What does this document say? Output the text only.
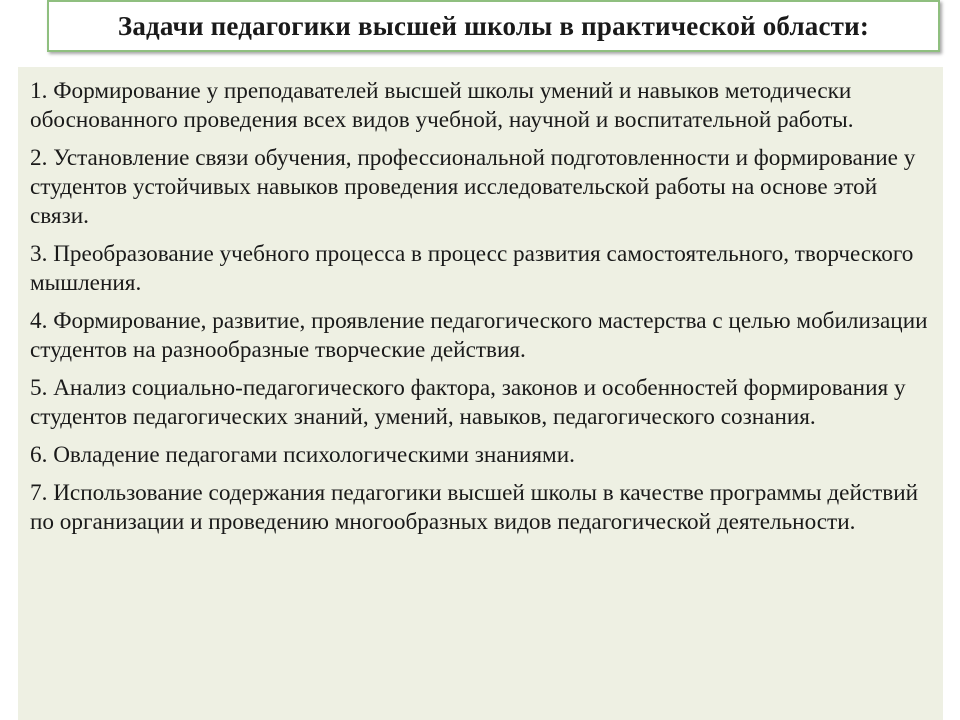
Задачи педагогики высшей школы в практической области:

1. Формирование у преподавателей высшей школы умений и навыков методически обоснованного проведения всех видов учебной, научной и воспитательной работы.

2. Установление связи обучения, профессиональной подготовленности и формирование у студентов устойчивых навыков проведения исследовательской работы на основе этой связи.

3. Преобразование учебного процесса в процесс развития самостоятельного, творческого мышления.

4. Формирование, развитие, проявление педагогического мастерства с целью мобилизации студентов на разнообразные творческие действия.

5. Анализ социально-педагогического фактора, законов и особенностей формирования у студентов педагогических знаний, умений, навыков, педагогического сознания.

6. Овладение педагогами психологическими знаниями.

7. Использование содержания педагогики высшей школы в качестве программы действий по организации и проведению многообразных видов педагогической деятельности.
